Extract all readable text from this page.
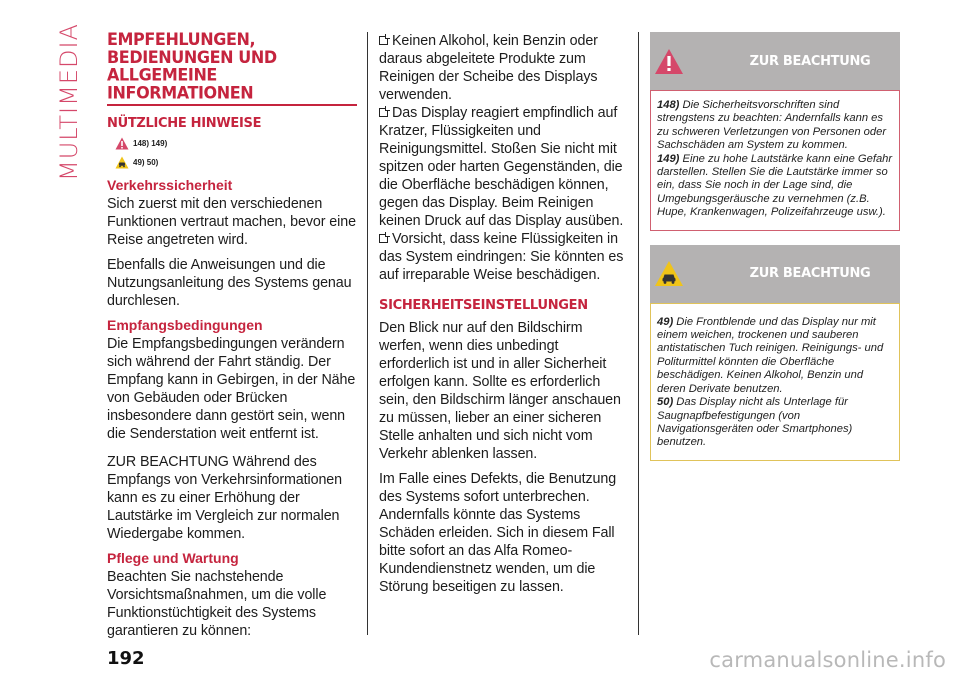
MULTIMEDIA EMPFEHLUNGEN,
BEDIENUNGEN UND
ALLGEMEINE INFORMATIONEN
NÜTZLICHE HINWEISE
148) 149)
49) 50)
Verkehrssicherheit

Sich zuerst mit den verschiedenen Funktionen vertraut machen, bevor eine Reise angetreten wird.

Ebenfalls die Anweisungen und die Nutzungsanleitung des Systems genau durchlesen.

Empfangsbedingungen

Die Empfangsbedingungen verändern sich während der Fahrt ständig. Der Empfang kann in Gebirgen, in der Nähe von Gebäuden oder Brücken insbesondere dann gestört sein, wenn die Senderstation weit entfernt ist.

ZUR BEACHTUNG Während des Empfangs von Verkehrsinformationen kann es zu einer Erhöhung der Lautstärke im Vergleich zur normalen Wiedergabe kommen.

Pflege und Wartung

Beachten Sie nachstehende Vorsichtsmaßnahmen, um die volle Funktionstüchtigkeit des Systems garantieren zu können:

Keinen Alkohol, kein Benzin oder daraus abgeleitete Produkte zum Reinigen der Scheibe des Displays verwenden.

Das Display reagiert empfindlich auf Kratzer, Flüssigkeiten und Reinigungsmittel. Stoßen Sie nicht mit spitzen oder harten Gegenständen, die die Oberfläche beschädigen können, gegen das Display. Beim Reinigen keinen Druck auf das Display ausüben.

Vorsicht, dass keine Flüssigkeiten in das System eindringen: Sie könnten es auf irreparable Weise beschädigen.

SICHERHEITSEINSTELLUNGEN

Den Blick nur auf den Bildschirm werfen, wenn dies unbedingt erforderlich ist und in aller Sicherheit erfolgen kann. Sollte es erforderlich sein, den Bildschirm länger anschauen zu müssen, lieber an einer sicheren Stelle anhalten und sich nicht vom Verkehr ablenken lassen.

Im Falle eines Defekts, die Benutzung des Systems sofort unterbrechen. Andernfalls könnte das Systems Schäden erleiden. Sich in diesem Fall bitte sofort an das Alfa Romeo-Kundendienstnetz wenden, um die Störung beseitigen zu lassen.

ZUR BEACHTUNG
148) Die Sicherheitsvorschriften sind strengstens zu beachten: Andernfalls kann es zu schweren Verletzungen von Personen oder Sachschäden am System zu kommen.
149) Eine zu hohe Lautstärke kann eine Gefahr darstellen. Stellen Sie die Lautstärke immer so ein, dass Sie noch in der Lage sind, die Umgebungsgeräusche zu vernehmen (z.B. Hupe, Krankenwagen, Polizeifahrzeuge usw.).
ZUR BEACHTUNG
49) Die Frontblende und das Display nur mit einem weichen, trockenen und sauberen antistatischen Tuch reinigen. Reinigungs- und Politurmittel könnten die Oberfläche beschädigen. Keinen Alkohol, Benzin und deren Derivate benutzen.
50) Das Display nicht als Unterlage für Saugnapfbefestigungen (von Navigationsgeräten oder Smartphones) benutzen.
192	carmanualsonline.info
